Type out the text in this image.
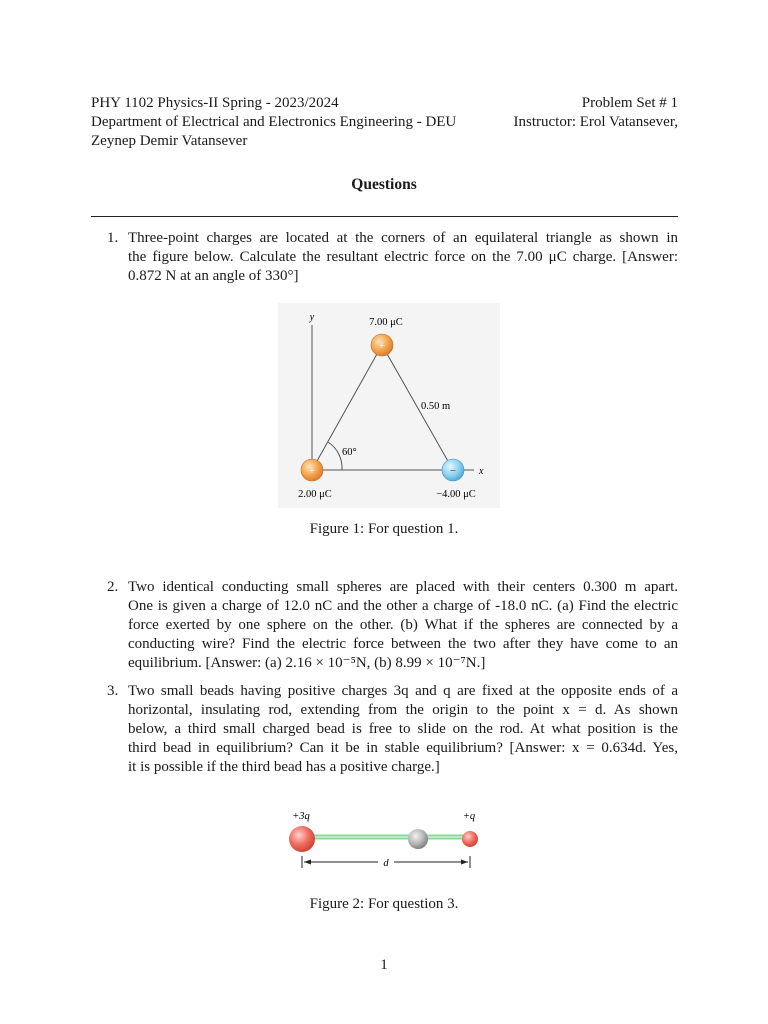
PHY 1102 Physics-II Spring - 2023/2024	Problem Set # 1
Department of Electrical and Electronics Engineering - DEU	Instructor: Erol Vatansever,
Zeynep Demir Vatansever
Questions
1. Three-point charges are located at the corners of an equilateral triangle as shown in
the figure below. Calculate the resultant electric force on the 7.00 μC charge. [Answer:
0.872 N at an angle of 330°]
y
x
60°
0.50 m
+
+	−
7.00 μC
2.00 μC	−4.00 μC
Figure 1: For question 1.
2. Two identical conducting small spheres are placed with their centers 0.300 m apart.
One is given a charge of 12.0 nC and the other a charge of -18.0 nC. (a) Find the electric
force exerted by one sphere on the other. (b) What if the spheres are connected by a
conducting wire? Find the electric force between the two after they have come to an
equilibrium. [Answer: (a) 2.16 × 10⁻⁵N, (b) 8.99 × 10⁻⁷N.]
3. Two small beads having positive charges 3q and q are fixed at the opposite ends of a
horizontal, insulating rod, extending from the origin to the point x = d. As shown
below, a third small charged bead is free to slide on the rod. At what position is the
third bead in equilibrium? Can it be in stable equilibrium? [Answer: x = 0.634d. Yes,
it is possible if the third bead has a positive charge.]
+3q	+q
d
Figure 2: For question 3.
1
